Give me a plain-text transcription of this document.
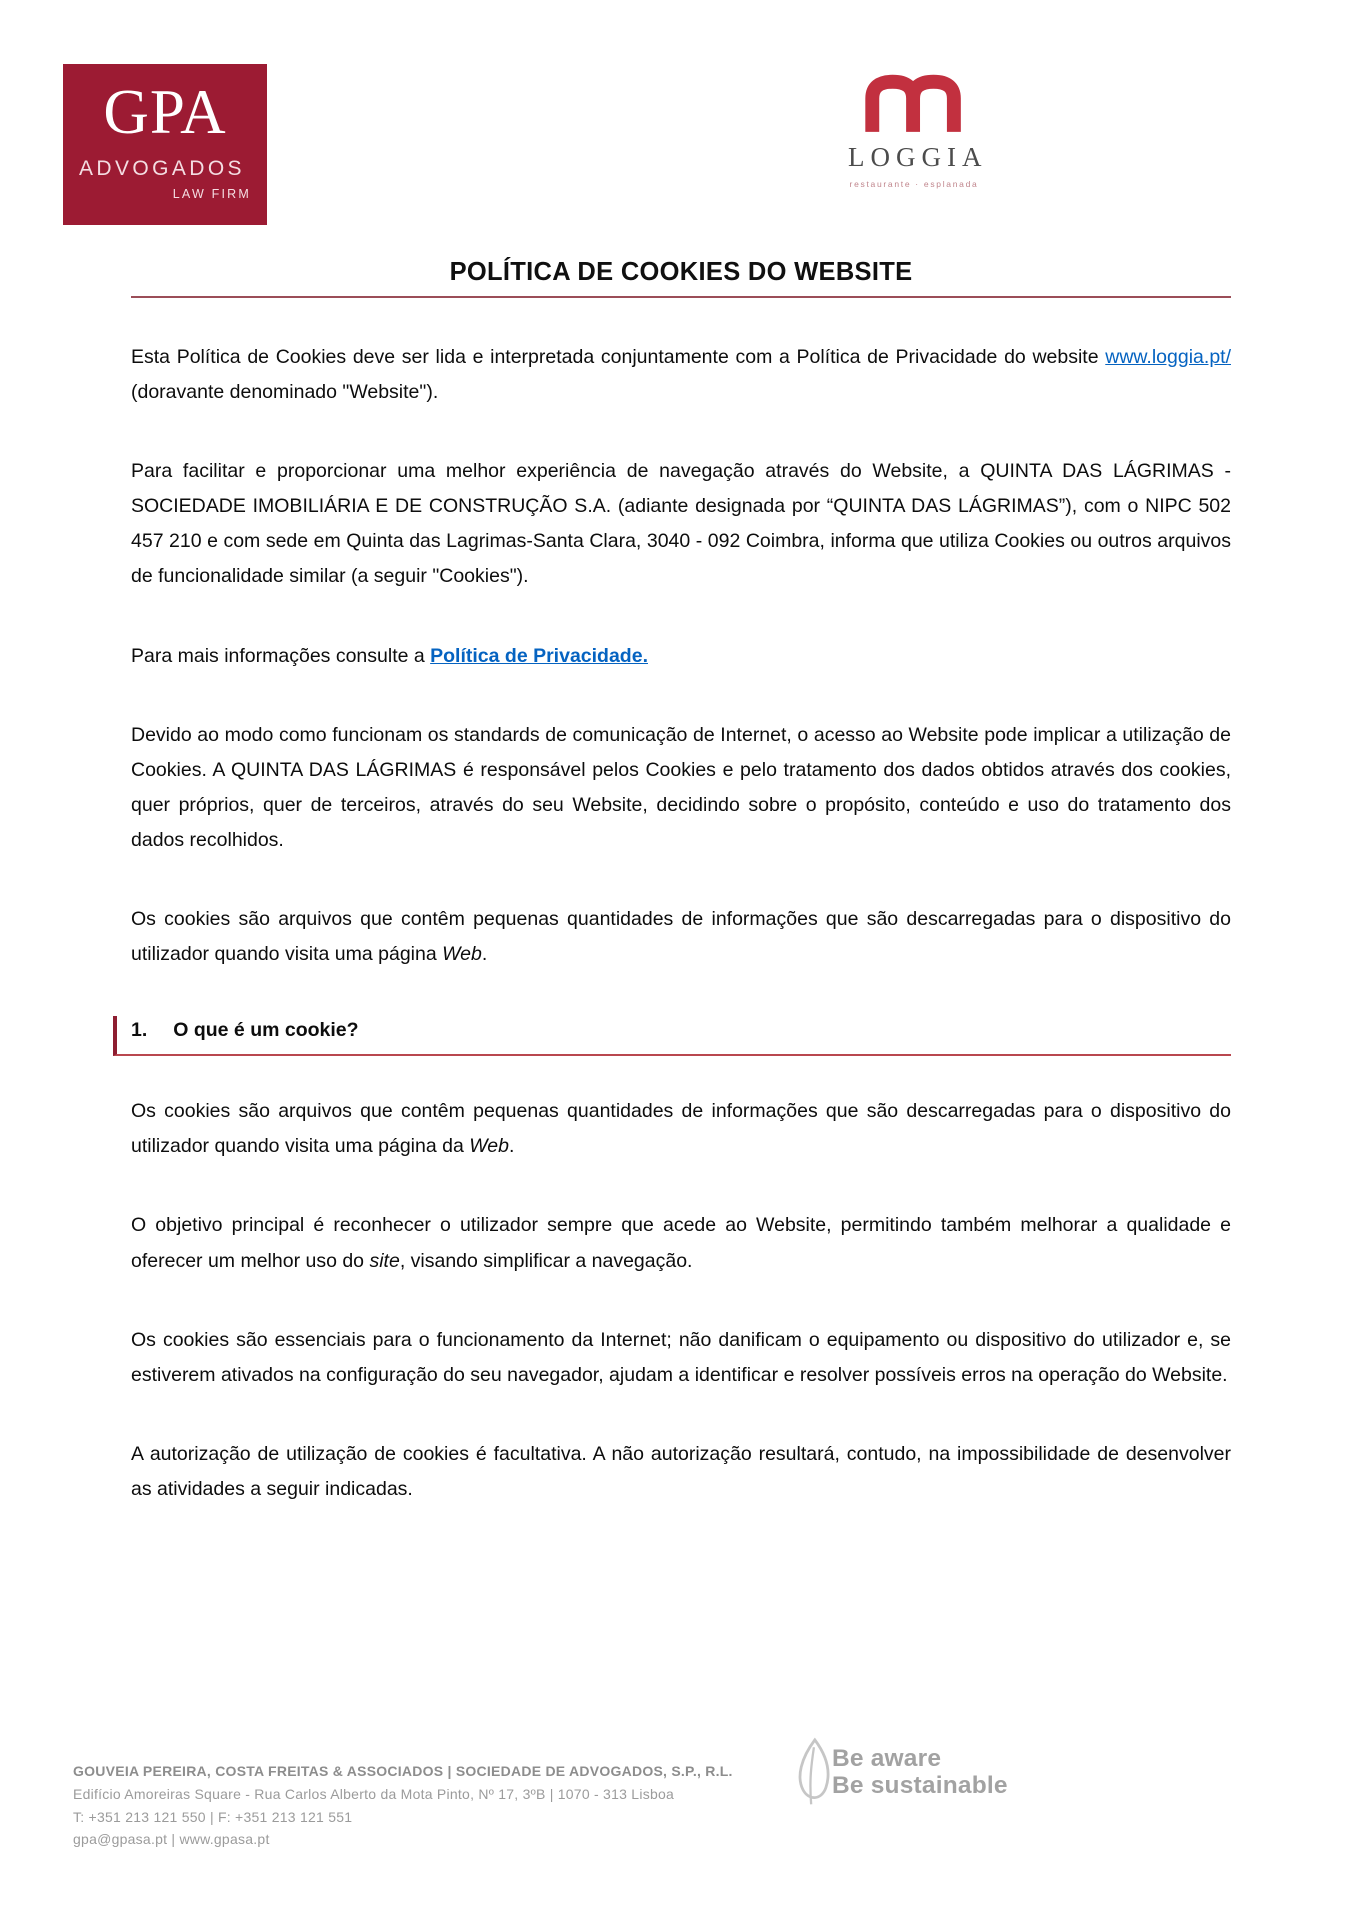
GPA
ADVOGADOS
LAW FIRM
LOGGIA
restaurante · esplanada
POLÍTICA DE COOKIES DO WEBSITE

Esta Política de Cookies deve ser lida e interpretada conjuntamente com a Política de Privacidade do website www.loggia.pt/ (doravante denominado "Website").

Para facilitar e proporcionar uma melhor experiência de navegação através do Website, a QUINTA DAS LÁGRIMAS - SOCIEDADE IMOBILIÁRIA E DE CONSTRUÇÃO S.A. (adiante designada por “QUINTA DAS LÁGRIMAS”), com o NIPC 502 457 210 e com sede em Quinta das Lagrimas-Santa Clara, 3040 - 092 Coimbra, informa que utiliza Cookies ou outros arquivos de funcionalidade similar (a seguir "Cookies").

Para mais informações consulte a Política de Privacidade.

Devido ao modo como funcionam os standards de comunicação de Internet, o acesso ao Website pode implicar a utilização de Cookies. A QUINTA DAS LÁGRIMAS é responsável pelos Cookies e pelo tratamento dos dados obtidos através dos cookies, quer próprios, quer de terceiros, através do seu Website, decidindo sobre o propósito, conteúdo e uso do tratamento dos dados recolhidos.

Os cookies são arquivos que contêm pequenas quantidades de informações que são descarregadas para o dispositivo do utilizador quando visita uma página Web.

1. O que é um cookie?

Os cookies são arquivos que contêm pequenas quantidades de informações que são descarregadas para o dispositivo do utilizador quando visita uma página da Web.

O objetivo principal é reconhecer o utilizador sempre que acede ao Website, permitindo também melhorar a qualidade e oferecer um melhor uso do site, visando simplificar a navegação.

Os cookies são essenciais para o funcionamento da Internet; não danificam o equipamento ou dispositivo do utilizador e, se estiverem ativados na configuração do seu navegador, ajudam a identificar e resolver possíveis erros na operação do Website.

A autorização de utilização de cookies é facultativa. A não autorização resultará, contudo, na impossibilidade de desenvolver as atividades a seguir indicadas.

GOUVEIA PEREIRA, COSTA FREITAS & ASSOCIADOS | SOCIEDADE DE ADVOGADOS, S.P., R.L.
Edifício Amoreiras Square - Rua Carlos Alberto da Mota Pinto, Nº 17, 3ºB | 1070 - 313 Lisboa
T: +351 213 121 550 | F: +351 213 121 551
gpa@gpasa.pt | www.gpasa.pt
Be aware
Be sustainable
